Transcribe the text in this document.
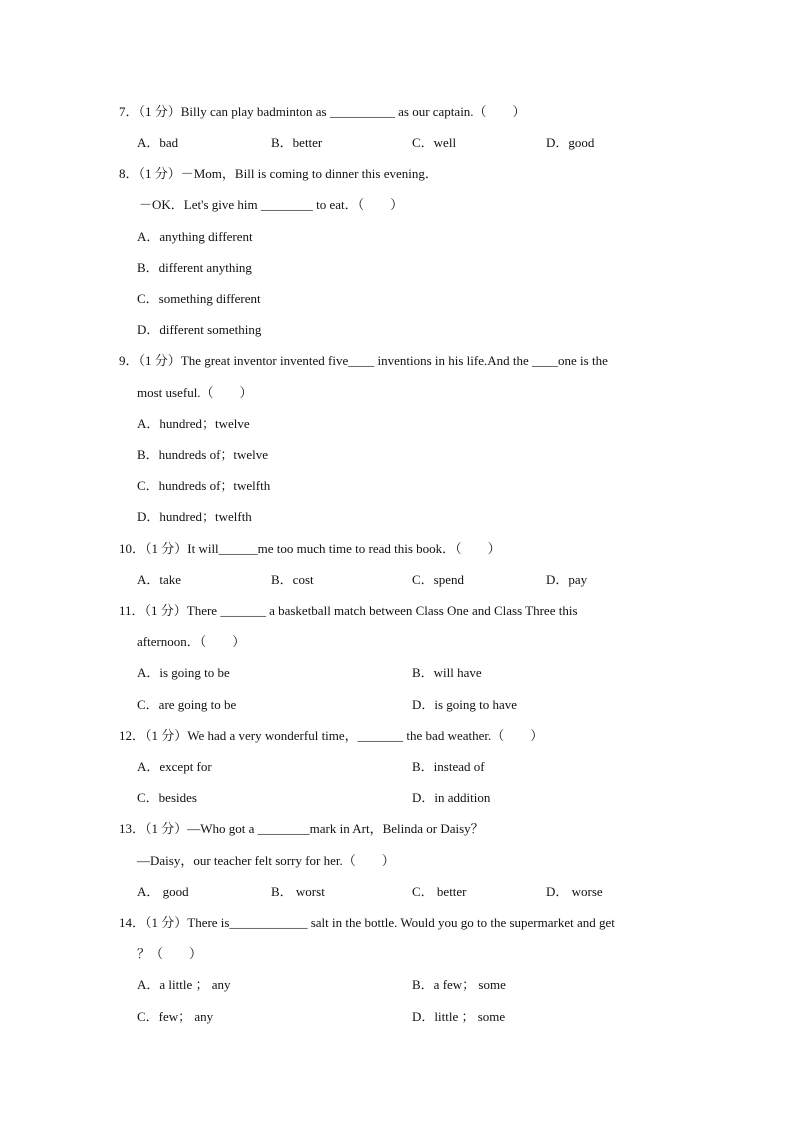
7．（1 分）Billy can play badminton as __________ as our captain.（　　）
A．bad	B．better	C．well	D．good
8．（1 分）－Mom，Bill is coming to dinner this evening．
－OK．Let's give him ________ to eat．（　　）
A．anything different
B．different anything
C．something different
D．different something
9．（1 分）The great inventor invented five____ inventions in his life.And the ____one is the
most useful.（　　）
A．hundred；twelve
B．hundreds of；twelve
C．hundreds of；twelfth
D．hundred；twelfth
10．（1 分）It will______me too much time to read this book．（　　）
A．take	B．cost	C．spend	D．pay
11．（1 分）There _______ a basketball match between Class One and Class Three this
afternoon．（　　）
A．is going to be	B．will have
C．are going to be	D．is going to have
12．（1 分）We had a very wonderful time，_______ the bad weather.（　　）
A．except for	B．instead of
C．besides	D．in addition
13．（1 分）—Who got a ________mark in Art，Belinda or Daisy？
—Daisy，our teacher felt sorry for her.（　　）
A． good	B． worst	C． better	D． worse
14．（1 分）There is____________ salt in the bottle. Would you go to the supermarket and get
？（　　）
A．a little ； any	B．a few； some
C．few； any	D．little ； some
